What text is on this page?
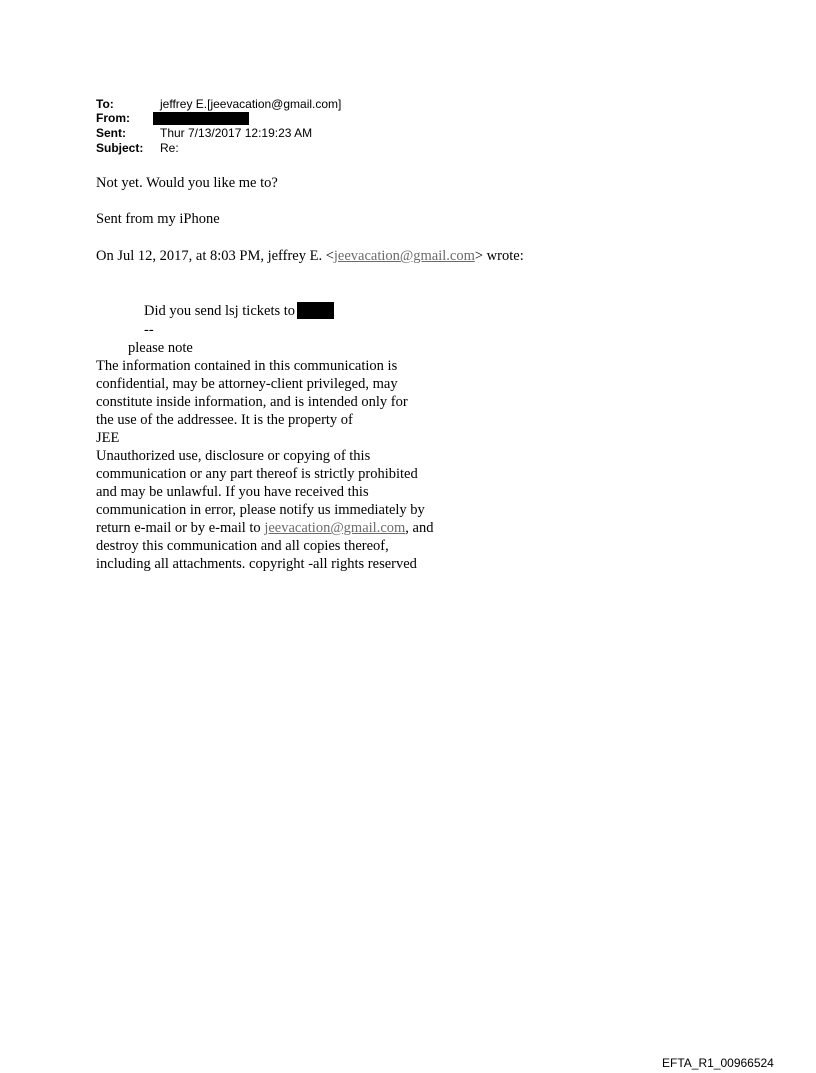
To:	jeffrey E.[jeevacation@gmail.com]
From:
Sent:	Thur 7/13/2017 12:19:23 AM
Subject: Re:
Not yet. Would you like me to?
Sent from my iPhone
On Jul 12, 2017, at 8:03 PM, jeffrey E. <jeevacation@gmail.com> wrote:
Did you send lsj tickets to
--
please note
The information contained in this communication is
confidential, may be attorney-client privileged, may
constitute inside information, and is intended only for
the use of the addressee. It is the property of
JEE
Unauthorized use, disclosure or copying of this
communication or any part thereof is strictly prohibited
and may be unlawful. If you have received this
communication in error, please notify us immediately by
return e-mail or by e-mail to jeevacation@gmail.com, and
destroy this communication and all copies thereof,
including all attachments. copyright -all rights reserved
EFTA_R1_00966524
